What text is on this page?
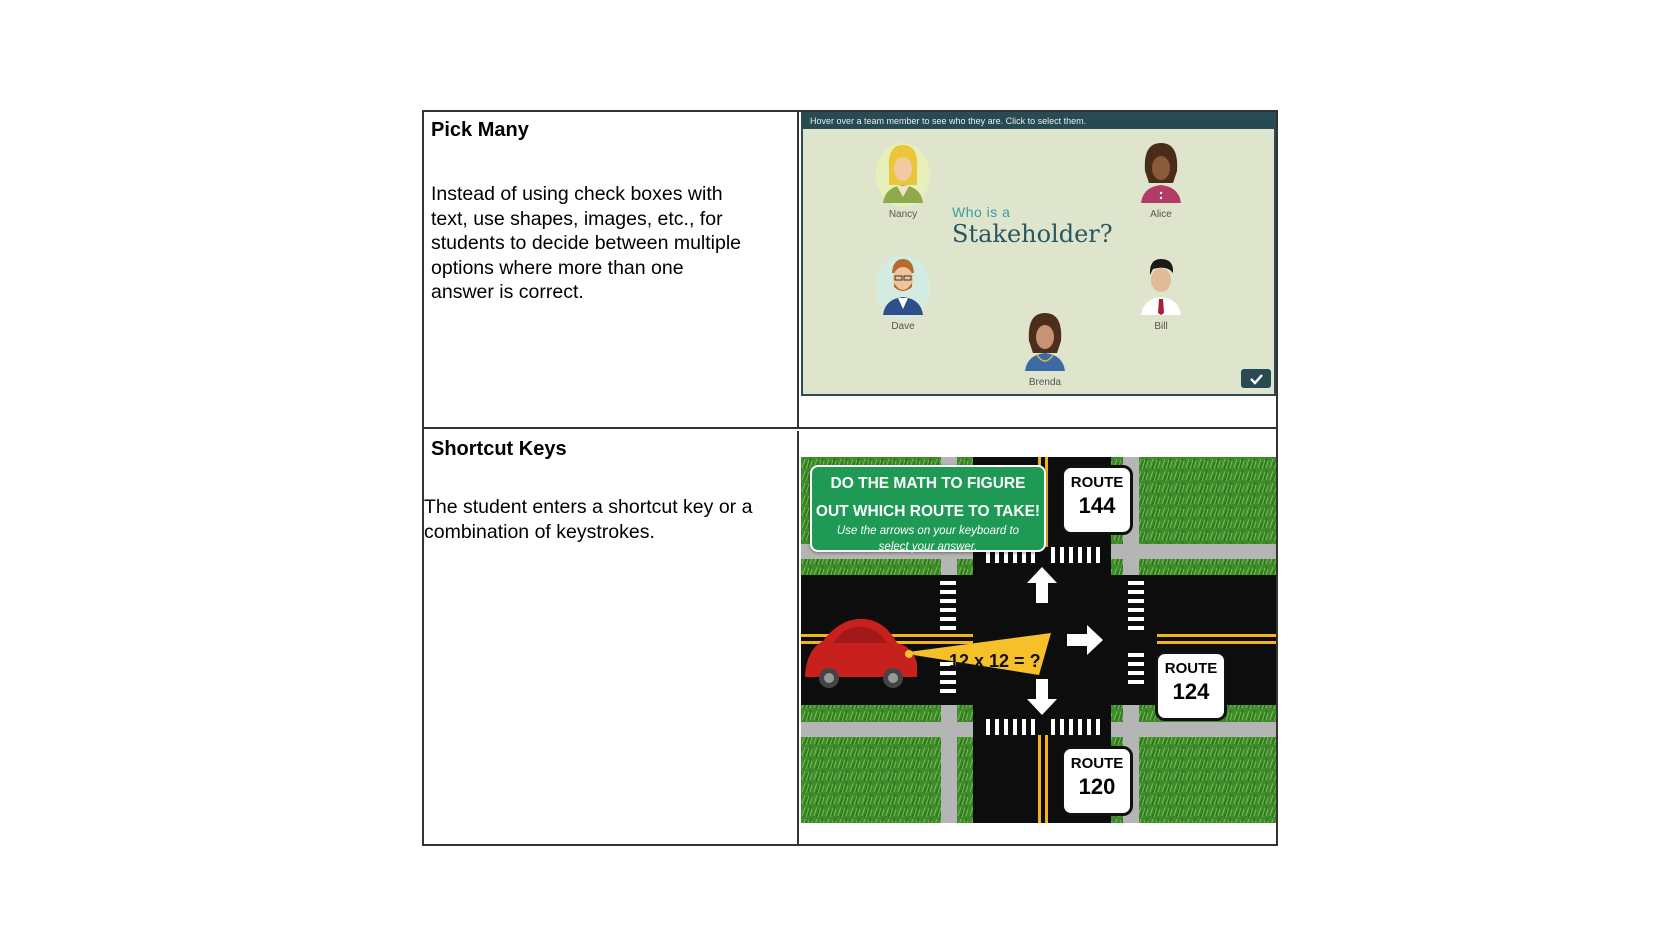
Pick Many
Instead of using check boxes with
text, use shapes, images, etc., for
students to decide between multiple
options where more than one
answer is correct.
Hover over a team member to see who they are. Click to select them.
Who is a
Stakeholder?
Nancy	Alice
Dave	Bill
Brenda
Shortcut Keys
The student enters a shortcut key or a
combination of keystrokes.
DO THE MATH TO FIGURE
OUT WHICH ROUTE TO TAKE!
Use the arrows on your keyboard to
select your answer.
12 x 12 = ?
ROUTE
144
ROUTE
124
ROUTE
120
